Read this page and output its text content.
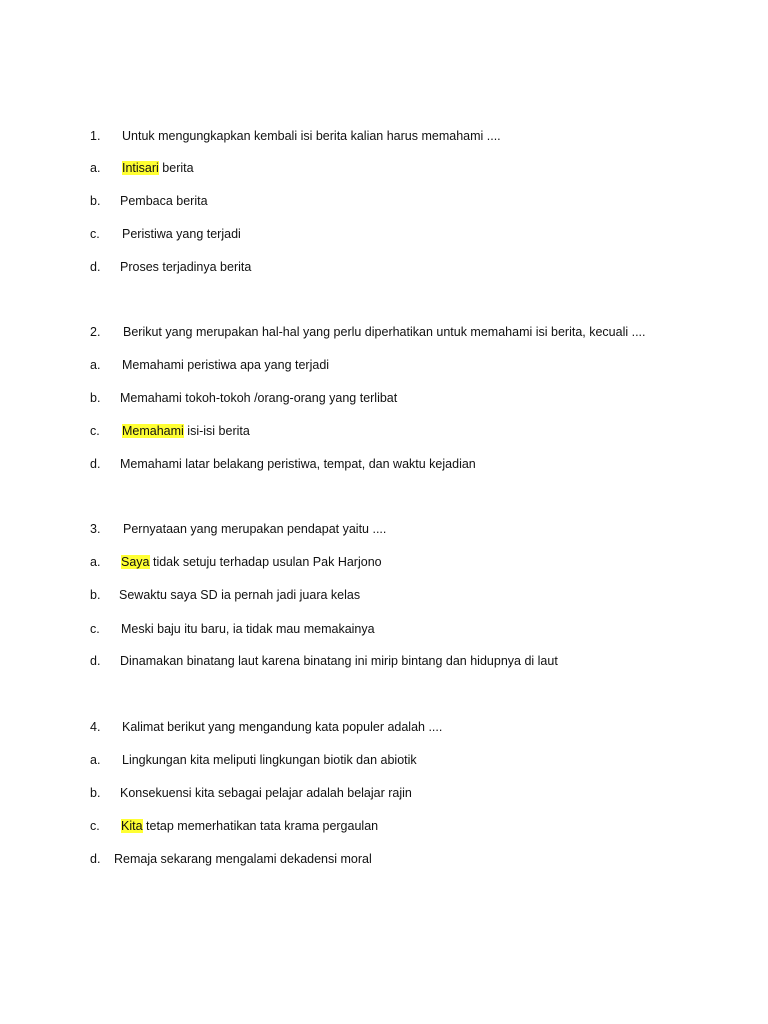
1. Untuk mengungkapkan kembali isi berita kalian harus memahami ....
a. Intisari berita
b. Pembaca berita
c. Peristiwa yang terjadi
d. Proses terjadinya berita
2. Berikut yang merupakan hal-hal yang perlu diperhatikan untuk memahami isi berita, kecuali ....
a. Memahami peristiwa apa yang terjadi
b. Memahami tokoh-tokoh /orang-orang yang terlibat
c. Memahami isi-isi berita
d. Memahami latar belakang peristiwa, tempat, dan waktu kejadian
3. Pernyataan yang merupakan pendapat yaitu ....
a. Saya tidak setuju terhadap usulan Pak Harjono
b. Sewaktu saya SD ia pernah jadi juara kelas
c. Meski baju itu baru, ia tidak mau memakainya
d. Dinamakan binatang laut karena binatang ini mirip bintang dan hidupnya di laut
4. Kalimat berikut yang mengandung kata populer adalah ....
a. Lingkungan kita meliputi lingkungan biotik dan abiotik
b. Konsekuensi kita sebagai pelajar adalah belajar rajin
c. Kita tetap memerhatikan tata krama pergaulan
d. Remaja sekarang mengalami dekadensi moral
